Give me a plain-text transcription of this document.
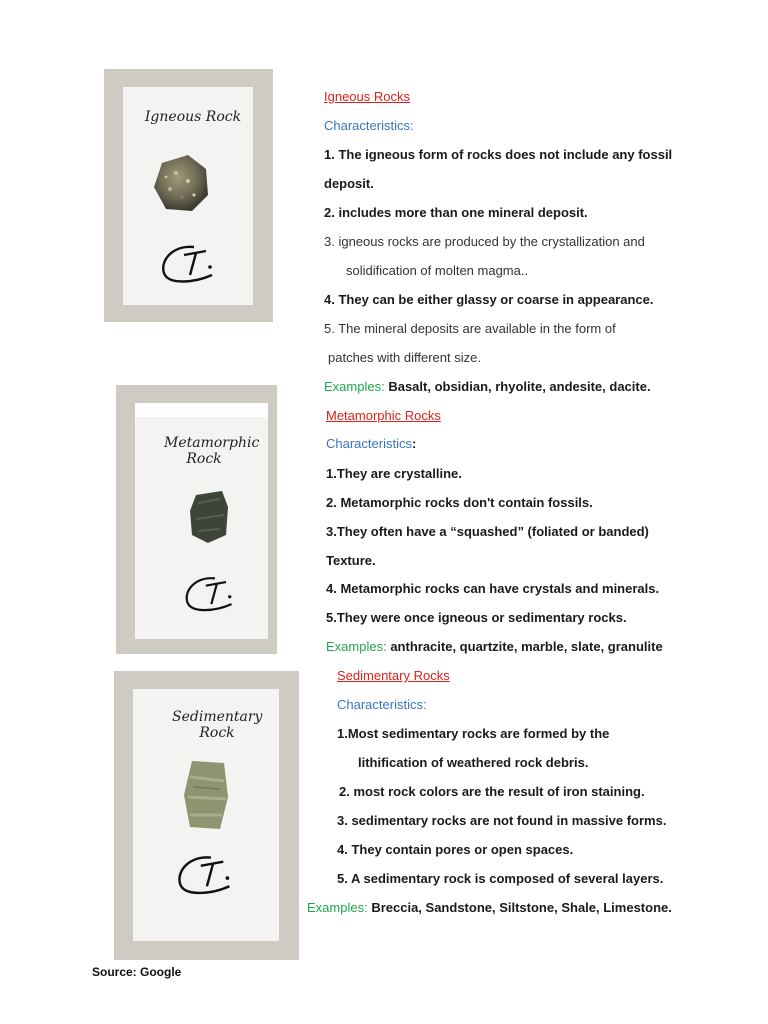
Igneous Rock
Metamorphic Rock
Sedimentary Rock
Igneous Rocks
Characteristics:
1. The igneous form of rocks does not include any fossil
deposit.
2. includes more than one mineral deposit.
3. igneous rocks are produced by the crystallization and
solidification of molten magma..
4. They can be either glassy or coarse in appearance.
5. The mineral deposits are available in the form of
patches with different size.
Examples: Basalt, obsidian, rhyolite, andesite, dacite.
Metamorphic Rocks
Characteristics:
1.They are crystalline.
2. Metamorphic rocks don't contain fossils.
3.They often have a “squashed” (foliated or banded)
Texture.
4. Metamorphic rocks can have crystals and minerals.
5.They were once igneous or sedimentary rocks.
Examples: anthracite, quartzite, marble, slate, granulite
Sedimentary Rocks
Characteristics:
1.Most sedimentary rocks are formed by the
lithification of weathered rock debris.
2. most rock colors are the result of iron staining.
3. sedimentary rocks are not found in massive forms.
4. They contain pores or open spaces.
5. A sedimentary rock is composed of several layers.
Examples: Breccia, Sandstone, Siltstone, Shale, Limestone.
Source: Google
